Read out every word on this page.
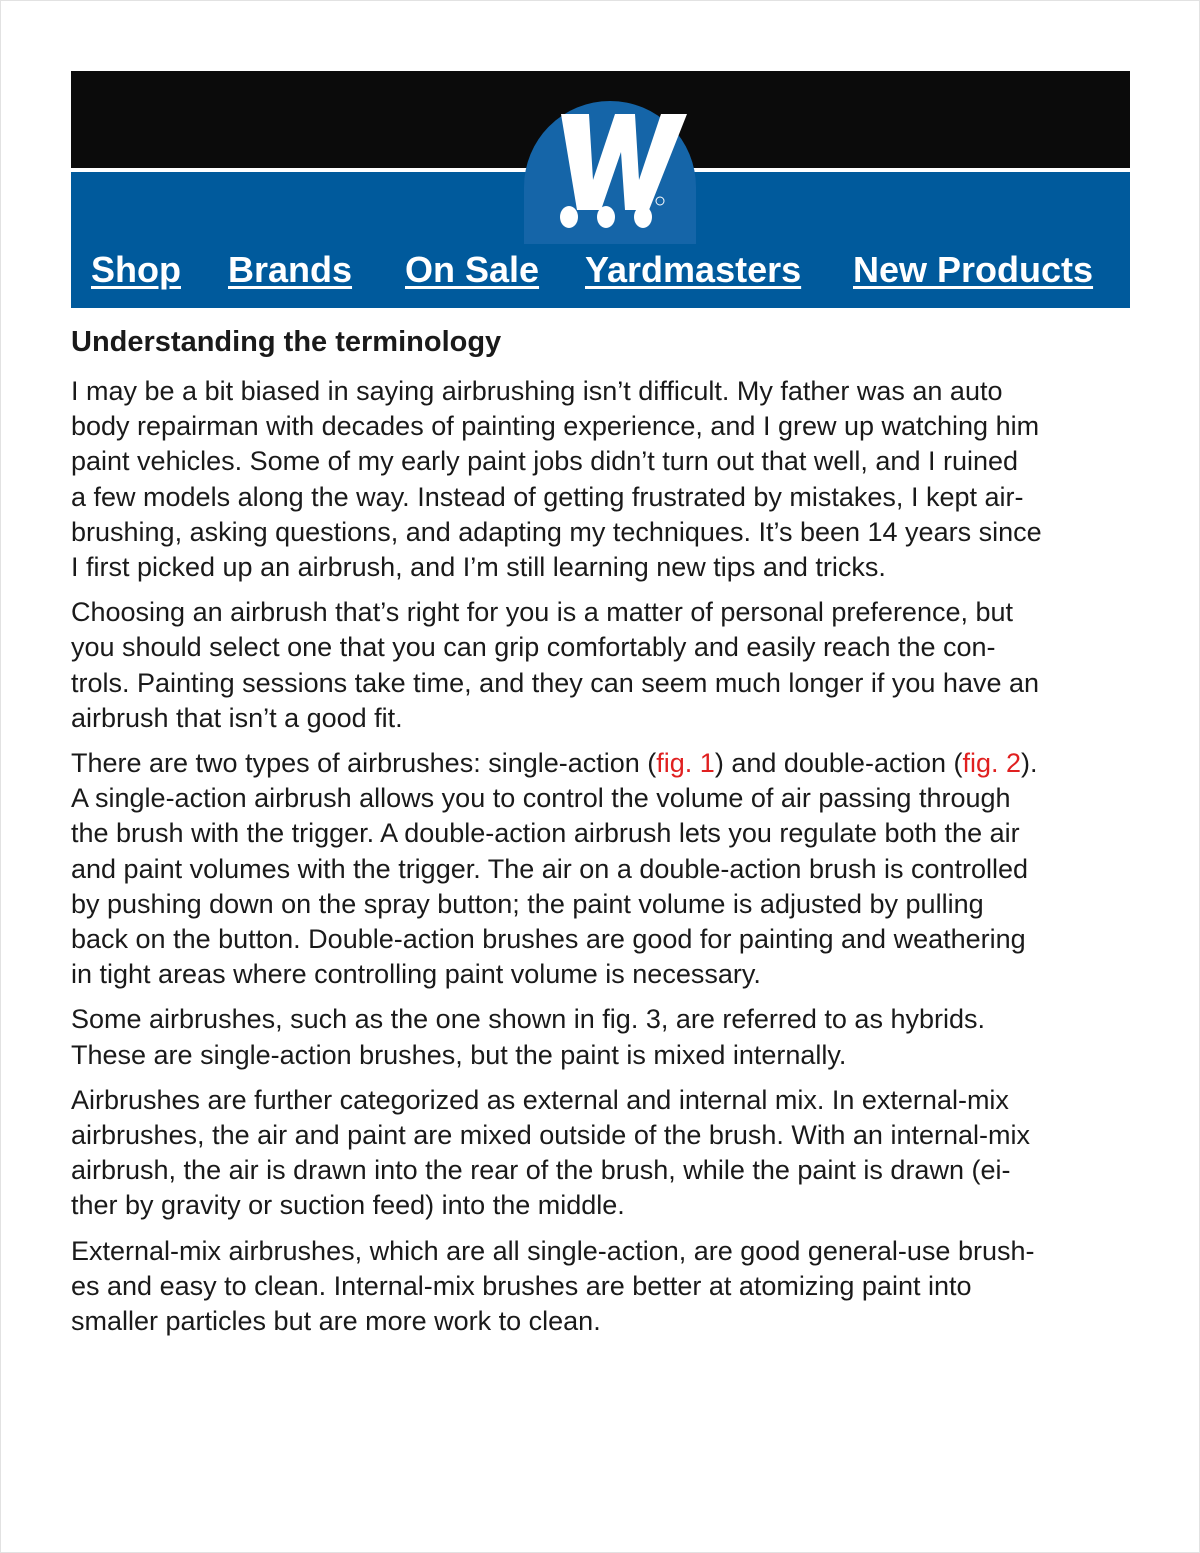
Shop Brands On Sale Yardmasters New Products
Understanding the terminology

I may be a bit biased in saying airbrushing isn’t difficult. My father was an auto
body repairman with decades of painting experience, and I grew up watching him
paint vehicles. Some of my early paint jobs didn’t turn out that well, and I ruined
a few models along the way. Instead of getting frustrated by mistakes, I kept air-
brushing, asking questions, and adapting my techniques. It’s been 14 years since
I first picked up an airbrush, and I’m still learning new tips and tricks.

Choosing an airbrush that’s right for you is a matter of personal preference, but
you should select one that you can grip comfortably and easily reach the con-
trols. Painting sessions take time, and they can seem much longer if you have an
airbrush that isn’t a good fit.

There are two types of airbrushes: single-action (fig. 1) and double-action (fig. 2).
A single-action airbrush allows you to control the volume of air passing through
the brush with the trigger. A double-action airbrush lets you regulate both the air
and paint volumes with the trigger. The air on a double-action brush is controlled
by pushing down on the spray button; the paint volume is adjusted by pulling
back on the button. Double-action brushes are good for painting and weathering
in tight areas where controlling paint volume is necessary.

Some airbrushes, such as the one shown in fig. 3, are referred to as hybrids.
These are single-action brushes, but the paint is mixed internally.

Airbrushes are further categorized as external and internal mix. In external-mix
airbrushes, the air and paint are mixed outside of the brush. With an internal-mix
airbrush, the air is drawn into the rear of the brush, while the paint is drawn (ei-
ther by gravity or suction feed) into the middle.

External-mix airbrushes, which are all single-action, are good general-use brush-
es and easy to clean. Internal-mix brushes are better at atomizing paint into
smaller particles but are more work to clean.
